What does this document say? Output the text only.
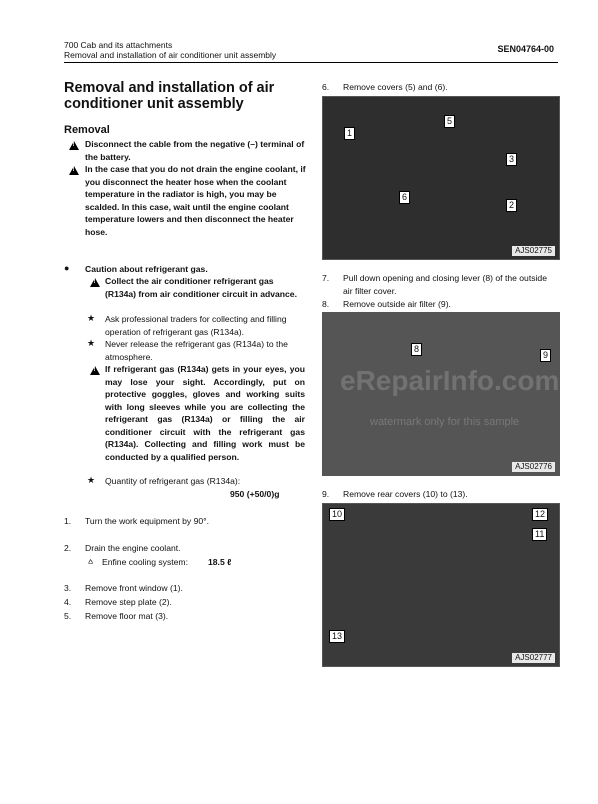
700 Cab and its attachments
Removal and installation of air conditioner unit assembly
SEN04764-00
Removal and installation of air conditioner unit assembly
Removal
!
Disconnect the cable from the negative (–) terminal of the battery.
!
In the case that you do not drain the engine coolant, if you disconnect the heater hose when the coolant temperature in the radiator is high, you may be scalded. In this case, wait until the engine coolant temperature lowers and then disconnect the heater hose.
● Caution about refrigerant gas.
!
Collect the air conditioner refrigerant gas (R134a) from air conditioner circuit in advance.
★ Ask professional traders for collecting and filling operation of refrigerant gas (R134a).
★ Never release the refrigerant gas (R134a) to the atmosphere.
!
If refrigerant gas (R134a) gets in your eyes, you may lose your sight. Accordingly, put on protective goggles, gloves and working suits with long sleeves while you are collecting the refrigerant gas (R134a) or filling the air conditioner circuit with the refrigerant gas (R134a). Collecting and filling work must be conducted by a qualified person.
★ Quantity of refrigerant gas (R134a):
950 (+50/0)g
1. Turn the work equipment by 90°.
2. Drain the engine coolant.
⩟ Enfine cooling system: 18.5 ℓ
3. Remove front window (1).
4. Remove step plate (2).
5. Remove floor mat (3).
6. Remove covers (5) and (6).
1
5
3
6
2
AJS02775
7. Pull down opening and closing lever (8) of the outside air filter cover.
8. Remove outside air filter (9).
8
9
AJS02776
9. Remove rear covers (10) to (13).
10	12
11
13
AJS02777
eRepairInfo.com
watermark only for this sample
